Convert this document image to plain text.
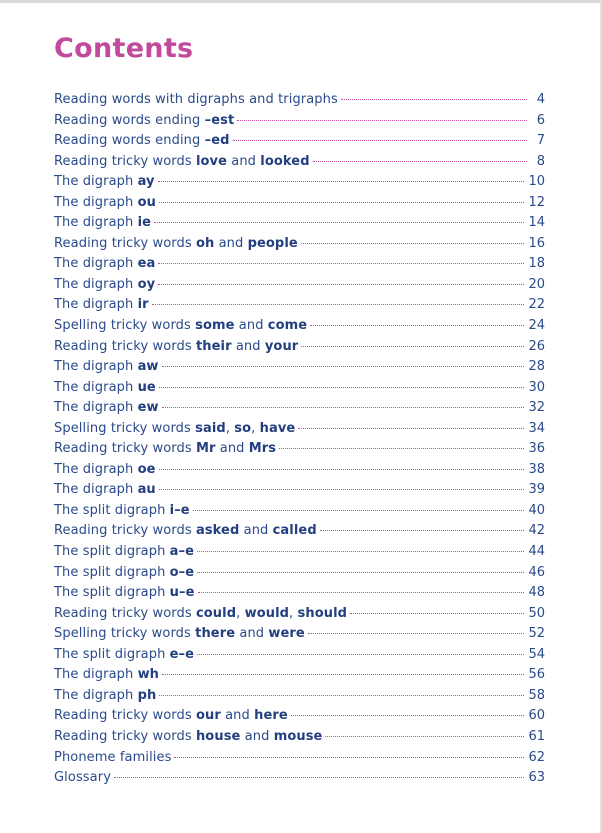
Contents
Reading words with digraphs and trigraphs	4
Reading words ending –est	6
Reading words ending –ed	7
Reading tricky words love and looked	8
The digraph ay	10
The digraph ou	12
The digraph ie	14
Reading tricky words oh and people	16
The digraph ea	18
The digraph oy	20
The digraph ir	22
Spelling tricky words some and come	24
Reading tricky words their and your	26
The digraph aw	28
The digraph ue	30
The digraph ew	32
Spelling tricky words said, so, have	34
Reading tricky words Mr and Mrs	36
The digraph oe	38
The digraph au	39
The split digraph i–e	40
Reading tricky words asked and called	42
The split digraph a–e	44
The split digraph o–e	46
The split digraph u–e	48
Reading tricky words could, would, should	50
Spelling tricky words there and were	52
The split digraph e–e	54
The digraph wh	56
The digraph ph	58
Reading tricky words our and here	60
Reading tricky words house and mouse	61
Phoneme families	62
Glossary	63
